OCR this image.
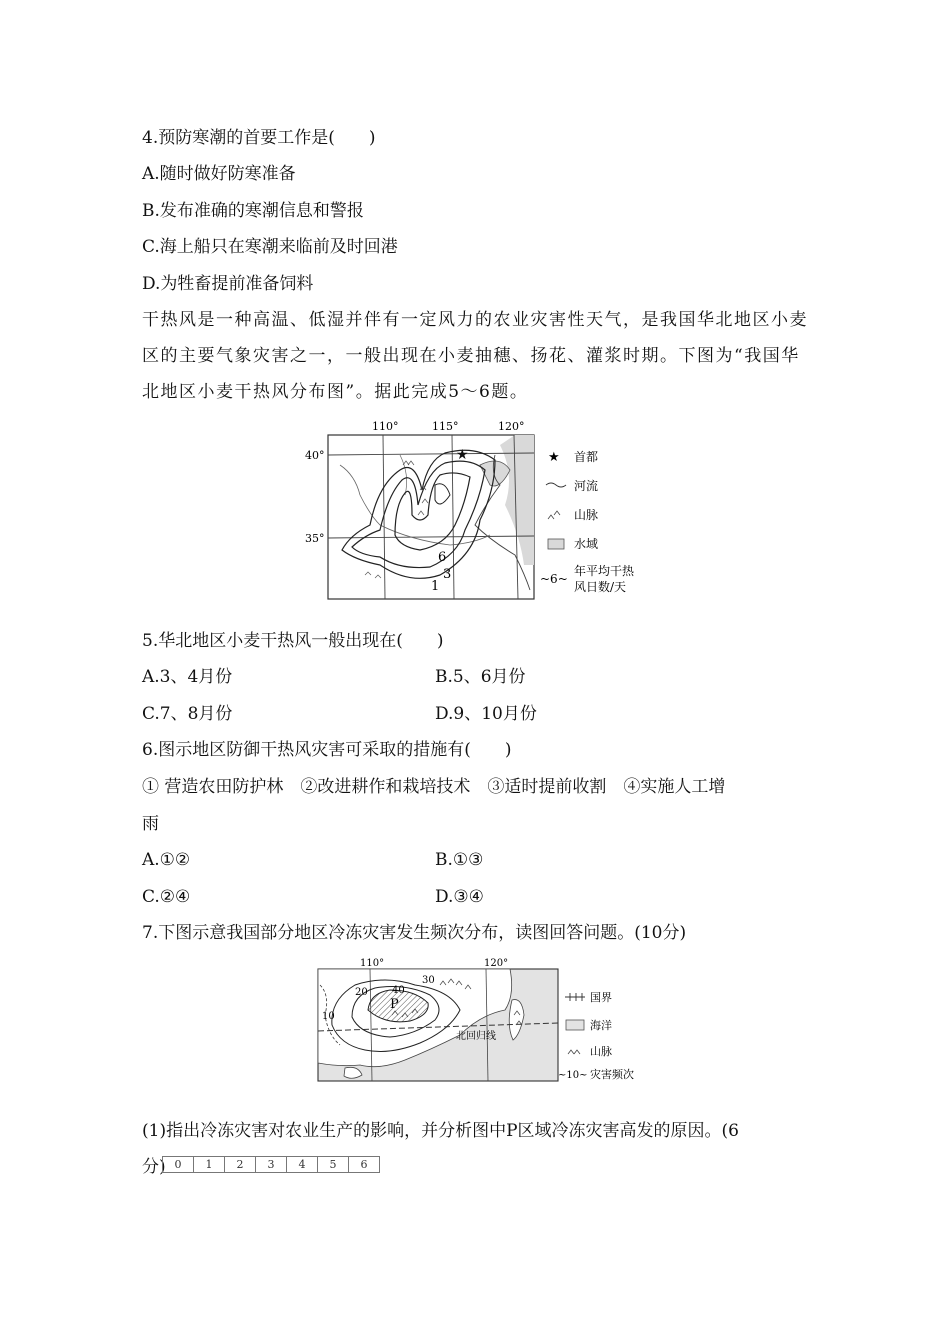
4.预防寒潮的首要工作是(　　)
A.随时做好防寒准备
B.发布准确的寒潮信息和警报
C.海上船只在寒潮来临前及时回港
D.为牲畜提前准备饲料
干热风是一种高温、低湿并伴有一定风力的农业灾害性天气，是我国华北地区小麦区的主要气象灾害之一，一般出现在小麦抽穗、扬花、灌浆时期。下图为“我国华北地区小麦干热风分布图”。据此完成5～6题。
★
110°	115°	120°
40°
35°
6
3
1
★ 首都
河流
山脉
水域
~6~
年平均干热
风日数/天
5.华北地区小麦干热风一般出现在(　　)
A.3、4月份	B.5、6月份
C.7、8月份	D.9、10月份
6.图示地区防御干热风灾害可采取的措施有(　　)
① 营造农田防护林　②改进耕作和栽培技术　③适时提前收割　④实施人工增
雨
A.①②	B.①③
C.②④	D.③④
7.下图示意我国部分地区冷冻灾害发生频次分布，读图回答问题。(10分)
110°	120°
20 40
30
10
P
北回归线
国界
海洋
山脉
~10~ 灾害频次
(1)指出冷冻灾害对农业生产的影响，并分析图中P区域冷冻灾害高发的原因。(6
分) 0	1	2	3	4	5	6
